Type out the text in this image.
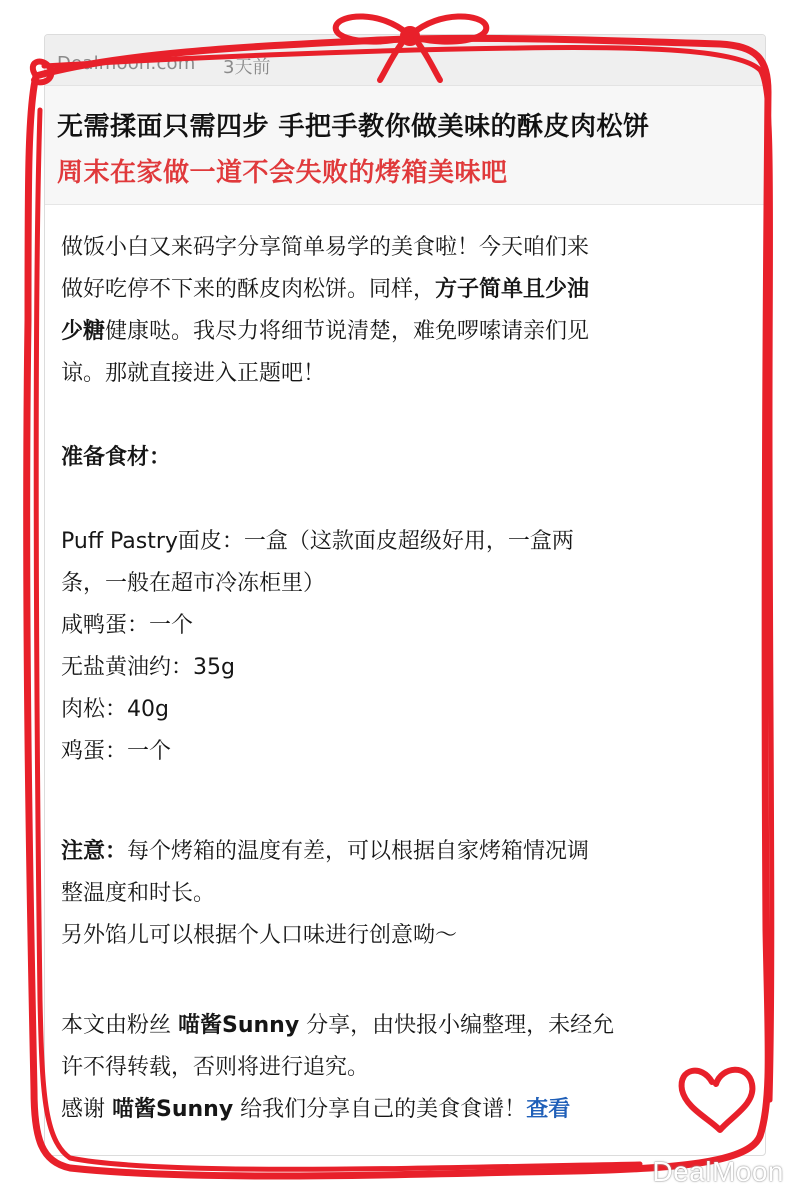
Dealmoon.com 3天前
无需揉面只需四步 手把手教你做美味的酥皮肉松饼
周末在家做一道不会失败的烤箱美味吧
做饭小白又来码字分享简单易学的美食啦！今天咱们来
做好吃停不下来的酥皮肉松饼。同样，方子简单且少油
少糖健康哒。我尽力将细节说清楚，难免啰嗦请亲们见
谅。那就直接进入正题吧！
准备食材：
Puff Pastry面皮：一盒（这款面皮超级好用，一盒两
条，一般在超市冷冻柜里）
咸鸭蛋：一个
无盐黄油约：35g
肉松：40g
鸡蛋：一个
注意：每个烤箱的温度有差，可以根据自家烤箱情况调
整温度和时长。
另外馅儿可以根据个人口味进行创意呦～
本文由粉丝 喵酱Sunny 分享，由快报小编整理，未经允
许不得转载，否则将进行追究。
感谢 喵酱Sunny 给我们分享自己的美食食谱！查看
DealMoon
